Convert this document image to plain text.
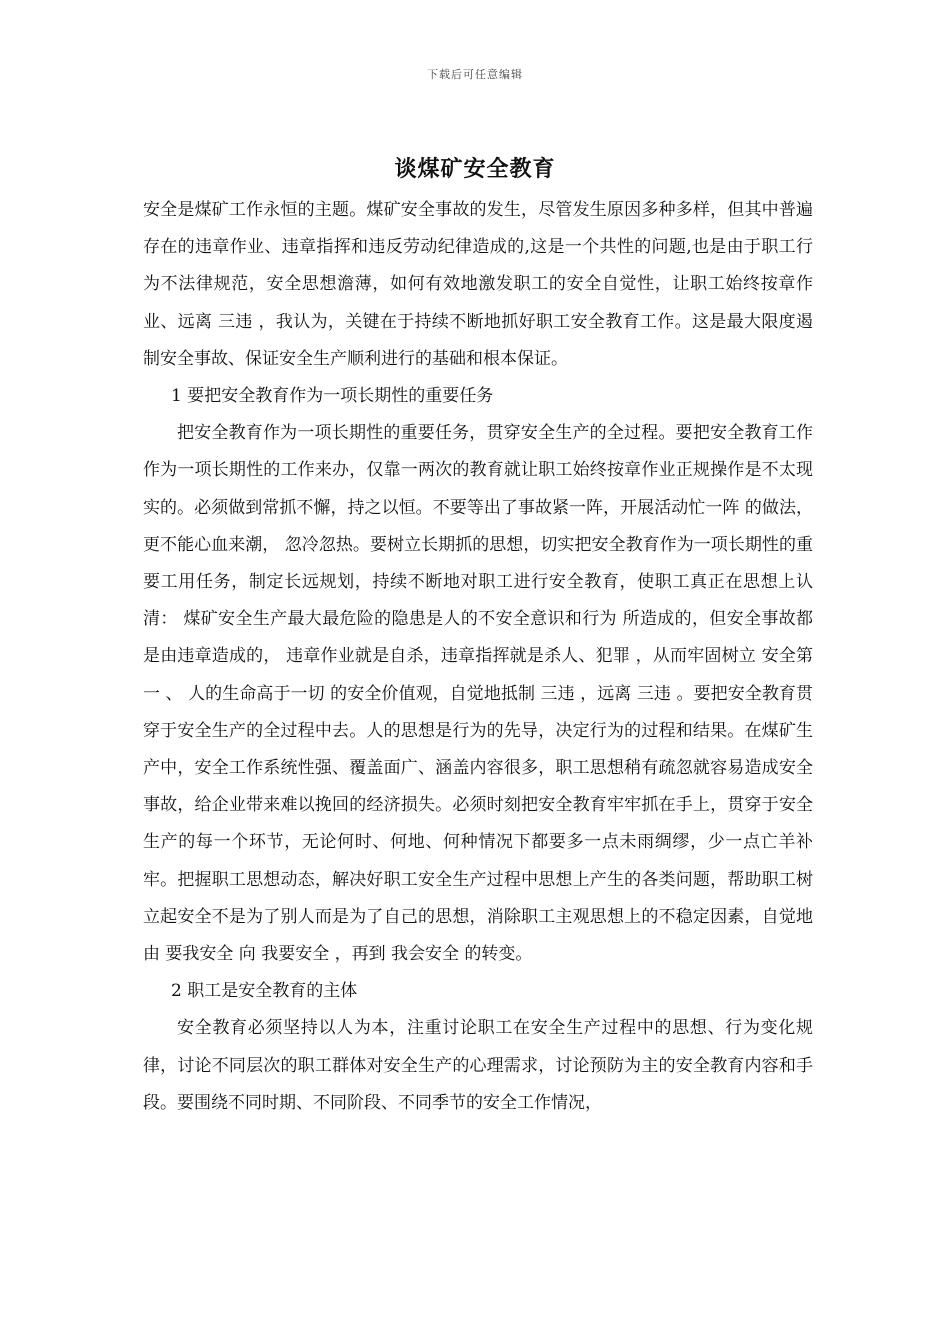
下载后可任意编辑
谈煤矿安全教育

安全是煤矿工作永恒的主题。煤矿安全事故的发生，尽管发生原因多种多样，但其中普遍存在的违章作业、违章指挥和违反劳动纪律造成的,这是一个共性的问题,也是由于职工行为不法律规范，安全思想澹薄，如何有效地激发职工的安全自觉性，让职工始终按章作业、远离 三违 ，我认为，关键在于持续不断地抓好职工安全教育工作。这是最大限度遏制安全事故、保证安全生产顺利进行的基础和根本保证。

1 要把安全教育作为一项长期性的重要任务

把安全教育作为一项长期性的重要任务，贯穿安全生产的全过程。要把安全教育工作作为一项长期性的工作来办，仅靠一两次的教育就让职工始终按章作业正规操作是不太现实的。必须做到常抓不懈，持之以恒。不要等出了事故紧一阵，开展活动忙一阵 的做法，更不能心血来潮， 忽冷忽热。要树立长期抓的思想，切实把安全教育作为一项长期性的重要工用任务，制定长远规划，持续不断地对职工进行安全教育，使职工真正在思想上认清： 煤矿安全生产最大最危险的隐患是人的不安全意识和行为 所造成的，但安全事故都是由违章造成的， 违章作业就是自杀，违章指挥就是杀人、犯罪 ，从而牢固树立 安全第一 、 人的生命高于一切 的安全价值观，自觉地抵制 三违 ，远离 三违 。要把安全教育贯穿于安全生产的全过程中去。人的思想是行为的先导，决定行为的过程和结果。在煤矿生产中，安全工作系统性强、覆盖面广、涵盖内容很多，职工思想稍有疏忽就容易造成安全事故，给企业带来难以挽回的经济损失。必须时刻把安全教育牢牢抓在手上，贯穿于安全生产的每一个环节，无论何时、何地、何种情况下都要多一点未雨绸缪，少一点亡羊补牢。把握职工思想动态，解决好职工安全生产过程中思想上产生的各类问题，帮助职工树立起安全不是为了别人而是为了自己的思想，消除职工主观思想上的不稳定因素，自觉地由 要我安全 向 我要安全 ，再到 我会安全 的转变。

2 职工是安全教育的主体

安全教育必须坚持以人为本，注重讨论职工在安全生产过程中的思想、行为变化规律，讨论不同层次的职工群体对安全生产的心理需求，讨论预防为主的安全教育内容和手段。要围绕不同时期、不同阶段、不同季节的安全工作情况，
